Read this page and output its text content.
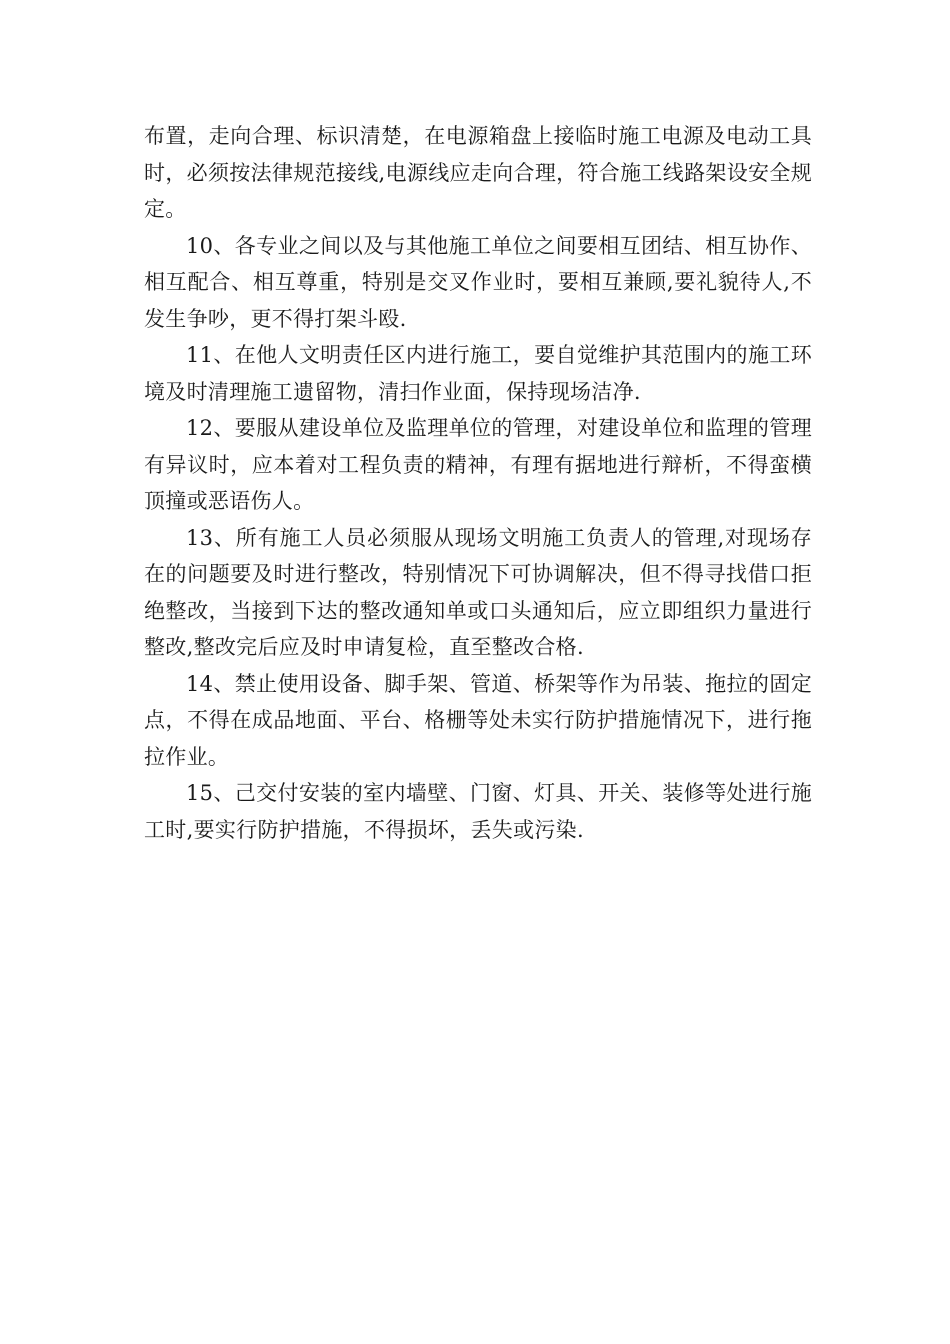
布置，走向合理、标识清楚，在电源箱盘上接临时施工电源及电动工具时，必须按法律规范接线,电源线应走向合理，符合施工线路架设安全规定。

10、各专业之间以及与其他施工单位之间要相互团结、相互协作、相互配合、相互尊重，特别是交叉作业时，要相互兼顾,要礼貌待人,不发生争吵，更不得打架斗殴.

11、在他人文明责任区内进行施工，要自觉维护其范围内的施工环境及时清理施工遗留物，清扫作业面，保持现场洁净.

12、要服从建设单位及监理单位的管理，对建设单位和监理的管理有异议时，应本着对工程负责的精神，有理有据地进行辩析，不得蛮横顶撞或恶语伤人。

13、所有施工人员必须服从现场文明施工负责人的管理,对现场存在的问题要及时进行整改，特别情况下可协调解决，但不得寻找借口拒绝整改，当接到下达的整改通知单或口头通知后，应立即组织力量进行整改,整改完后应及时申请复检，直至整改合格.

14、禁止使用设备、脚手架、管道、桥架等作为吊装、拖拉的固定点，不得在成品地面、平台、格栅等处未实行防护措施情况下，进行拖拉作业。

15、己交付安装的室内墙壁、门窗、灯具、开关、装修等处进行施工时,要实行防护措施，不得损坏，丢失或污染.
